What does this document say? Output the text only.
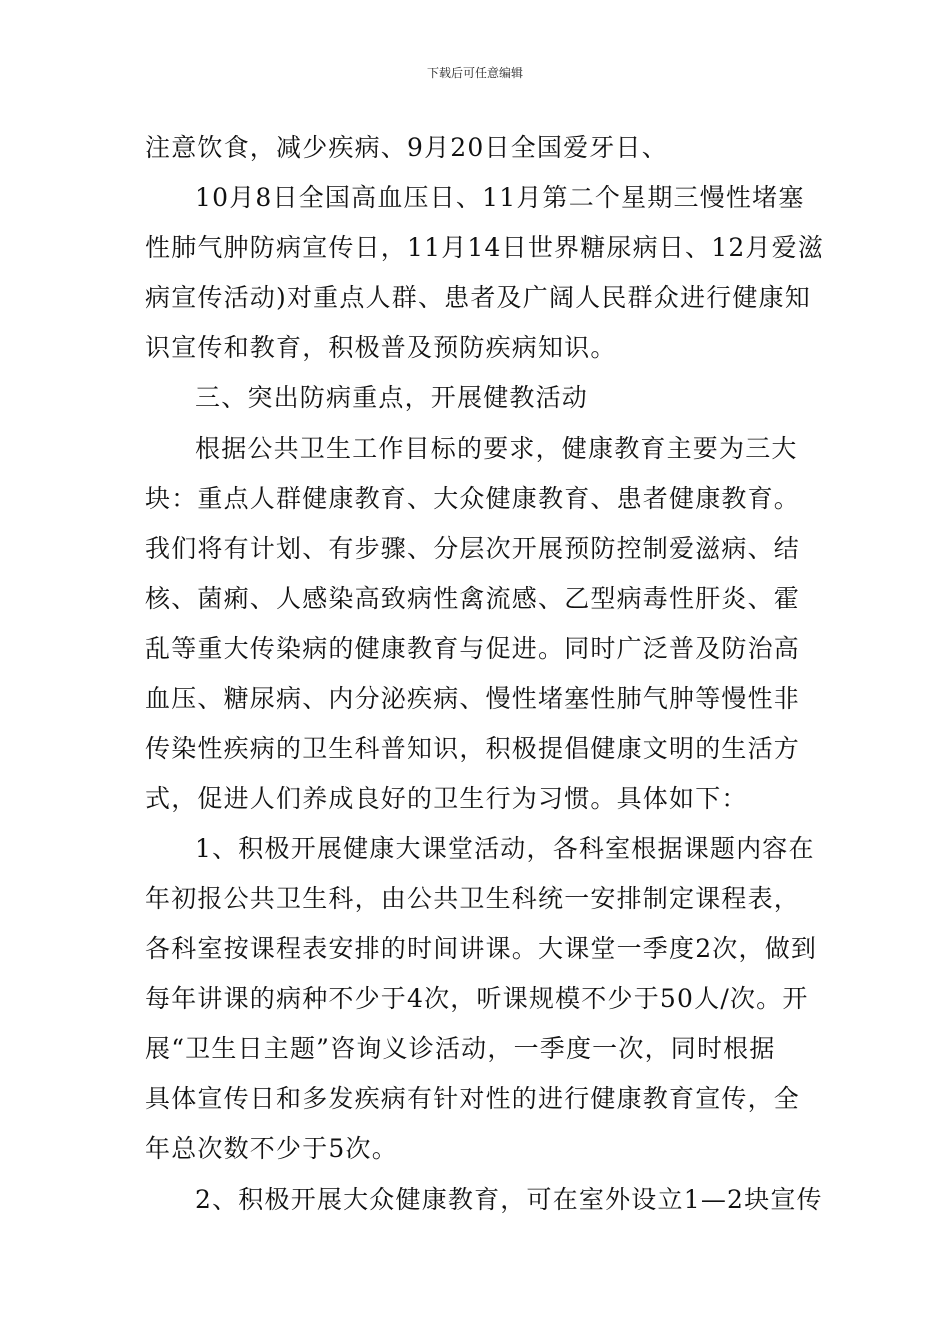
下载后可任意编辑
注意饮食，减少疾病、9月20日全国爱牙日、
10月8日全国高血压日、11月第二个星期三慢性堵塞
性肺气肿防病宣传日，11月14日世界糖尿病日、12月爱滋
病宣传活动)对重点人群、患者及广阔人民群众进行健康知
识宣传和教育，积极普及预防疾病知识。
三、突出防病重点，开展健教活动
根据公共卫生工作目标的要求，健康教育主要为三大
块：重点人群健康教育、大众健康教育、患者健康教育。
我们将有计划、有步骤、分层次开展预防控制爱滋病、结
核、菌痢、人感染高致病性禽流感、乙型病毒性肝炎、霍
乱等重大传染病的健康教育与促进。同时广泛普及防治高
血压、糖尿病、内分泌疾病、慢性堵塞性肺气肿等慢性非
传染性疾病的卫生科普知识，积极提倡健康文明的生活方
式，促进人们养成良好的卫生行为习惯。具体如下：
1、积极开展健康大课堂活动，各科室根据课题内容在
年初报公共卫生科，由公共卫生科统一安排制定课程表，
各科室按课程表安排的时间讲课。大课堂一季度2次，做到
每年讲课的病种不少于4次，听课规模不少于50人/次。开
展“卫生日主题”咨询义诊活动，一季度一次，同时根据
具体宣传日和多发疾病有针对性的进行健康教育宣传，全
年总次数不少于5次。
2、积极开展大众健康教育，可在室外设立1—2块宣传
